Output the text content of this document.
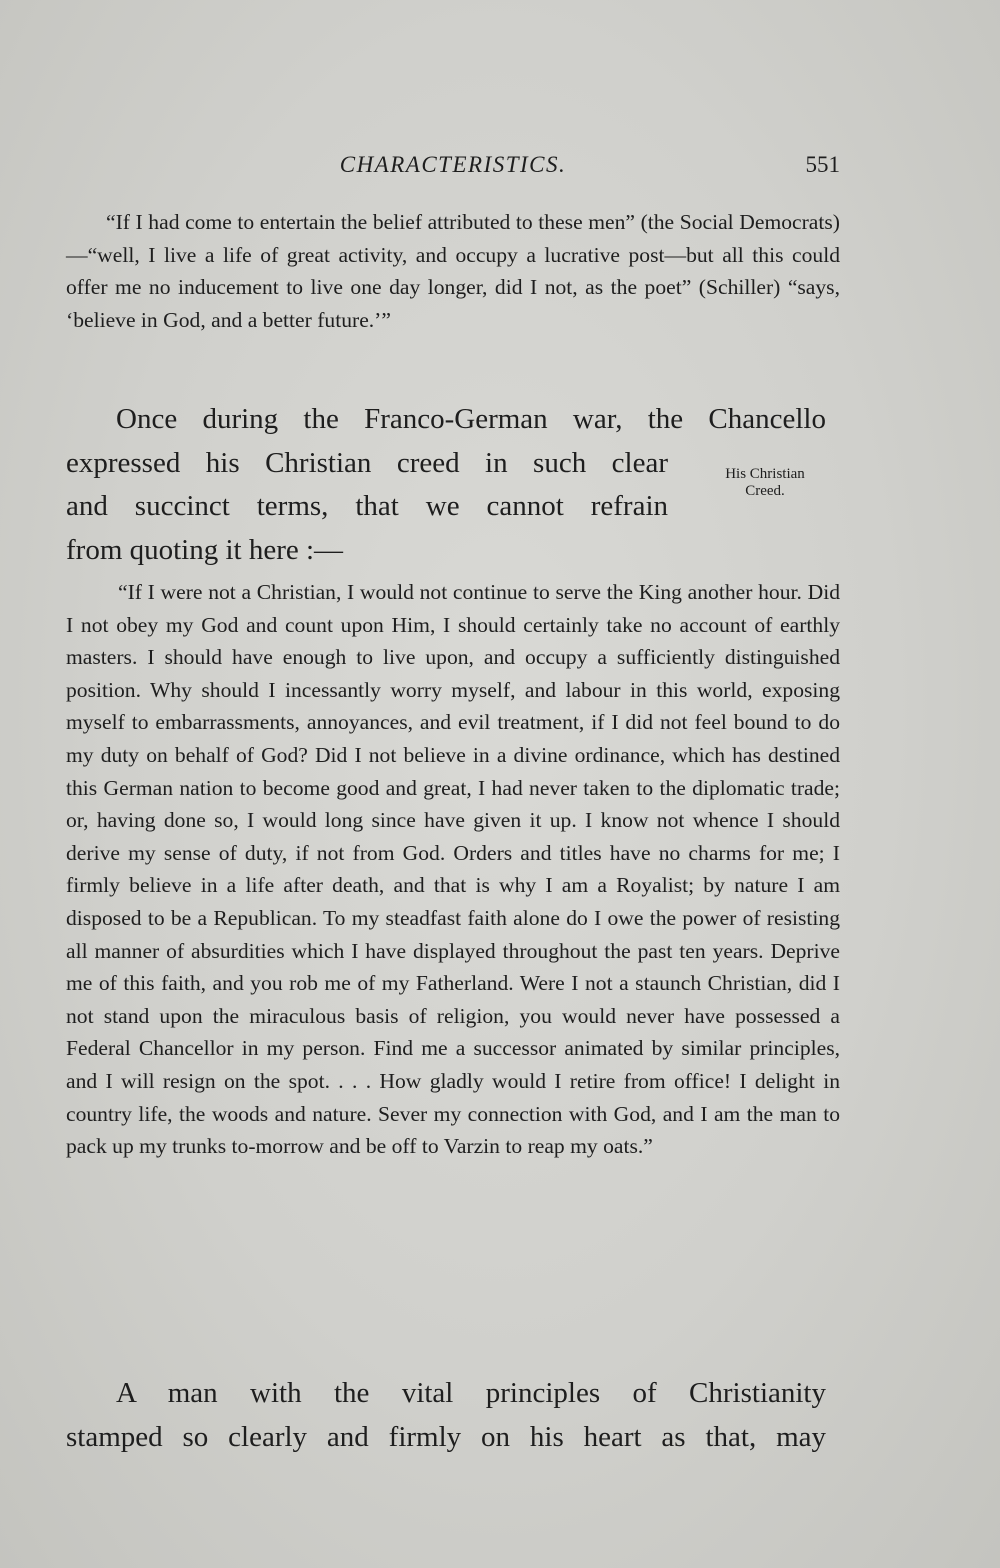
CHARACTERISTICS.	551

“If I had come to entertain the belief attributed to these men” (the Social Democrats)—“well, I live a life of great activity, and occupy a lucrative post—but all this could offer me no inducement to live one day longer, did I not, as the poet” (Schiller) “says, ‘believe in God, and a better future.’”

Once during the Franco-German war, the Chancello
expressed his Christian creed in such clear
and succinct terms, that we cannot refrain
from quoting it here :—
His Christian
Creed.

“If I were not a Christian, I would not continue to serve the King another hour. Did I not obey my God and count upon Him, I should certainly take no account of earthly masters. I should have enough to live upon, and occupy a sufficiently distinguished position. Why should I incessantly worry myself, and labour in this world, exposing myself to embarrassments, annoyances, and evil treatment, if I did not feel bound to do my duty on behalf of God? Did I not believe in a divine ordinance, which has destined this German nation to become good and great, I had never taken to the diplomatic trade; or, having done so, I would long since have given it up. I know not whence I should derive my sense of duty, if not from God. Orders and titles have no charms for me; I firmly believe in a life after death, and that is why I am a Royalist; by nature I am disposed to be a Republican. To my steadfast faith alone do I owe the power of resisting all manner of absurdities which I have displayed throughout the past ten years. Deprive me of this faith, and you rob me of my Fatherland. Were I not a staunch Christian, did I not stand upon the miraculous basis of religion, you would never have possessed a Federal Chancellor in my person. Find me a successor animated by similar principles, and I will resign on the spot. . . . How gladly would I retire from office! I delight in country life, the woods and nature. Sever my connection with God, and I am the man to pack up my trunks to-morrow and be off to Varzin to reap my oats.”

A man with the vital principles of Christianity
stamped so clearly and firmly on his heart as that, may
